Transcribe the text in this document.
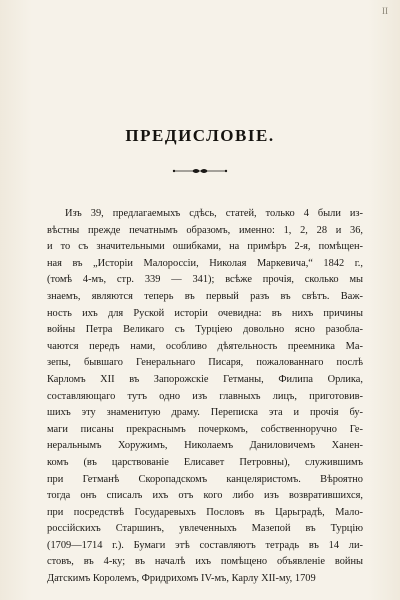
II
ПРЕДИСЛОВІЕ.
Изъ 39, предлагаемыхъ сдѣсь, статей, только 4 были из-
вѣстны прежде печатнымъ образомъ, именно: 1, 2, 28 и 36,
и то съ значительными ошибками, на примѣръ 2-я, помѣщен-
ная въ „Исторіи Малороссіи, Николая Маркевича,“ 1842 г.,
(томѣ 4-мъ, стр. 339 — 341); всѣже прочія, сколько мы
знаемъ, являются теперь въ первый разъ въ свѣтъ. Важ-
ность ихъ для Руской исторіи очевидна: въ нихъ причины
войны Петра Великаго съ Турціею довольно ясно разобла-
чаются передъ нами, особливо дѣятельность преемника Ма-
зепы, бывшаго Генеральнаго Писаря, пожалованнаго послѣ
Карломъ XII въ Запорожскіе Гетманы, Филипа Орлика,
составляющаго тутъ одно изъ главныхъ лицъ, приготовив-
шихъ эту знаменитую драму. Переписка эта и прочія бу-
маги писаны прекраснымъ почеркомъ, собственноручно Ге-
неральнымъ Хоружимъ, Николаемъ Даниловичемъ Ханен-
комъ (въ царствованіе Елисавет Петровны), служившимъ
при Гетманѣ Скоропадскомъ канцеляристомъ. Вѣроятно
тогда онъ списалъ ихъ отъ кого либо изъ возвратившихся,
при посредствѣ Государевыхъ Пословъ въ Царьградѣ, Мало-
россійскихъ Старшинъ, увлеченныхъ Мазепой въ Турцію
(1709—1714 г.). Бумаги этѣ составляютъ тетрадь въ 14 ли-
стовъ, въ 4-ку; въ началѣ ихъ помѣщено объявленіе войны
Датскимъ Королемъ, Фридрихомъ IV-мъ, Карлу XII-му, 1709
